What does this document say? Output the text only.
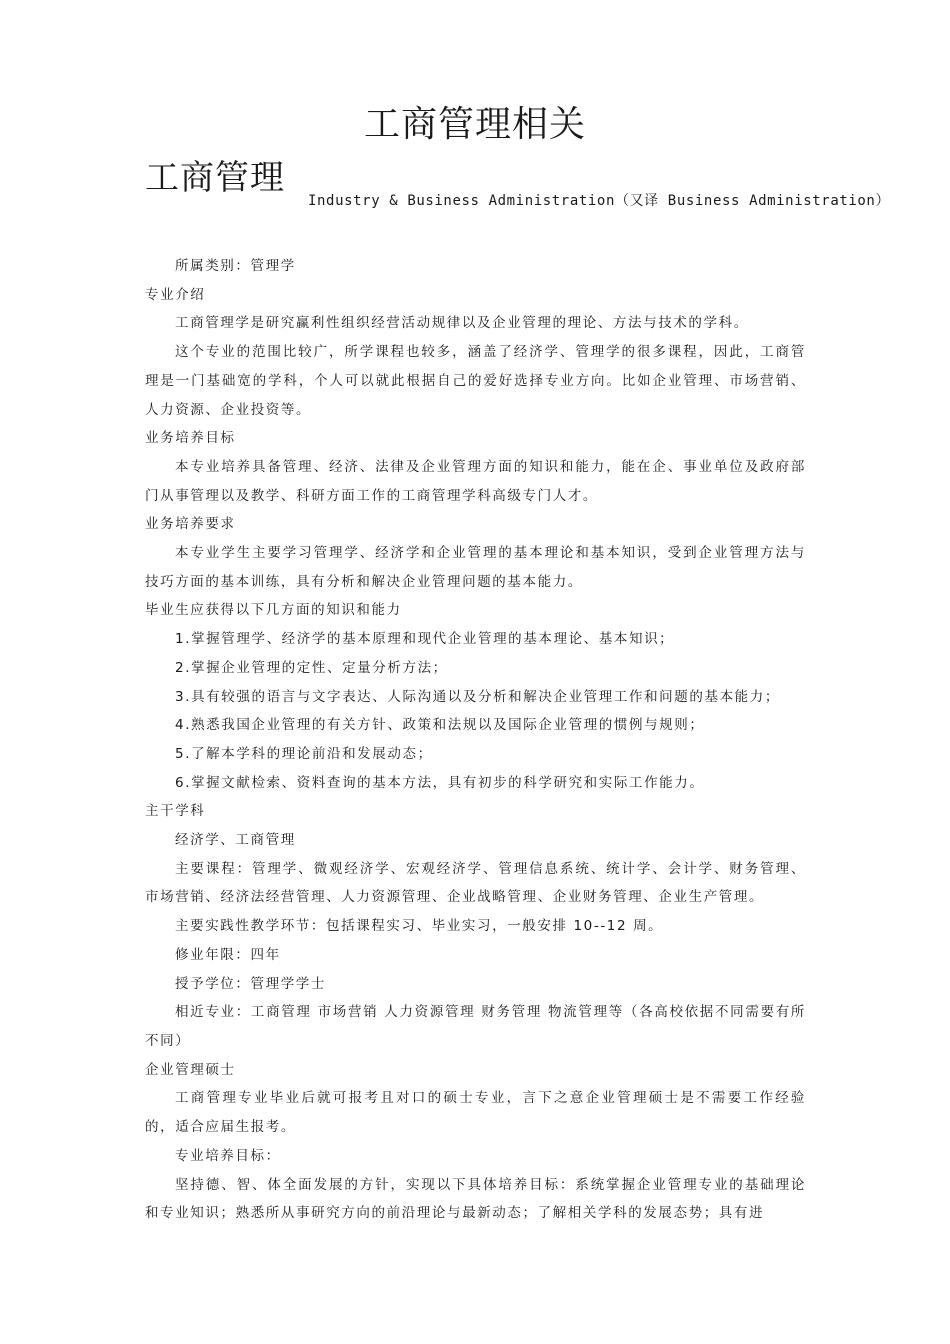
工商管理相关
工商管理
Industry & Business Administration（又译 Business Administration）

所属类别：管理学

专业介绍

工商管理学是研究赢利性组织经营活动规律以及企业管理的理论、方法与技术的学科。

这个专业的范围比较广，所学课程也较多，涵盖了经济学、管理学的很多课程，因此，工商管理是一门基础宽的学科，个人可以就此根据自己的爱好选择专业方向。比如企业管理、市场营销、人力资源、企业投资等。

业务培养目标

本专业培养具备管理、经济、法律及企业管理方面的知识和能力，能在企、事业单位及政府部门从事管理以及教学、科研方面工作的工商管理学科高级专门人才。

业务培养要求

本专业学生主要学习管理学、经济学和企业管理的基本理论和基本知识，受到企业管理方法与技巧方面的基本训练，具有分析和解决企业管理问题的基本能力。

毕业生应获得以下几方面的知识和能力

1.掌握管理学、经济学的基本原理和现代企业管理的基本理论、基本知识；

2.掌握企业管理的定性、定量分析方法；

3.具有较强的语言与文字表达、人际沟通以及分析和解决企业管理工作和问题的基本能力；

4.熟悉我国企业管理的有关方针、政策和法规以及国际企业管理的惯例与规则；

5.了解本学科的理论前沿和发展动态；

6.掌握文献检索、资料查询的基本方法，具有初步的科学研究和实际工作能力。

主干学科

经济学、工商管理

主要课程：管理学、微观经济学、宏观经济学、管理信息系统、统计学、会计学、财务管理、市场营销、经济法经营管理、人力资源管理、企业战略管理、企业财务管理、企业生产管理。

主要实践性教学环节：包括课程实习、毕业实习，一般安排 10--12 周。

修业年限：四年

授予学位：管理学学士

相近专业：工商管理 市场营销 人力资源管理 财务管理 物流管理等（各高校依据不同需要有所不同）

企业管理硕士

工商管理专业毕业后就可报考且对口的硕士专业，言下之意企业管理硕士是不需要工作经验的，适合应届生报考。

专业培养目标：

坚持德、智、体全面发展的方针，实现以下具体培养目标：系统掌握企业管理专业的基础理论和专业知识；熟悉所从事研究方向的前沿理论与最新动态；了解相关学科的发展态势；具有进
